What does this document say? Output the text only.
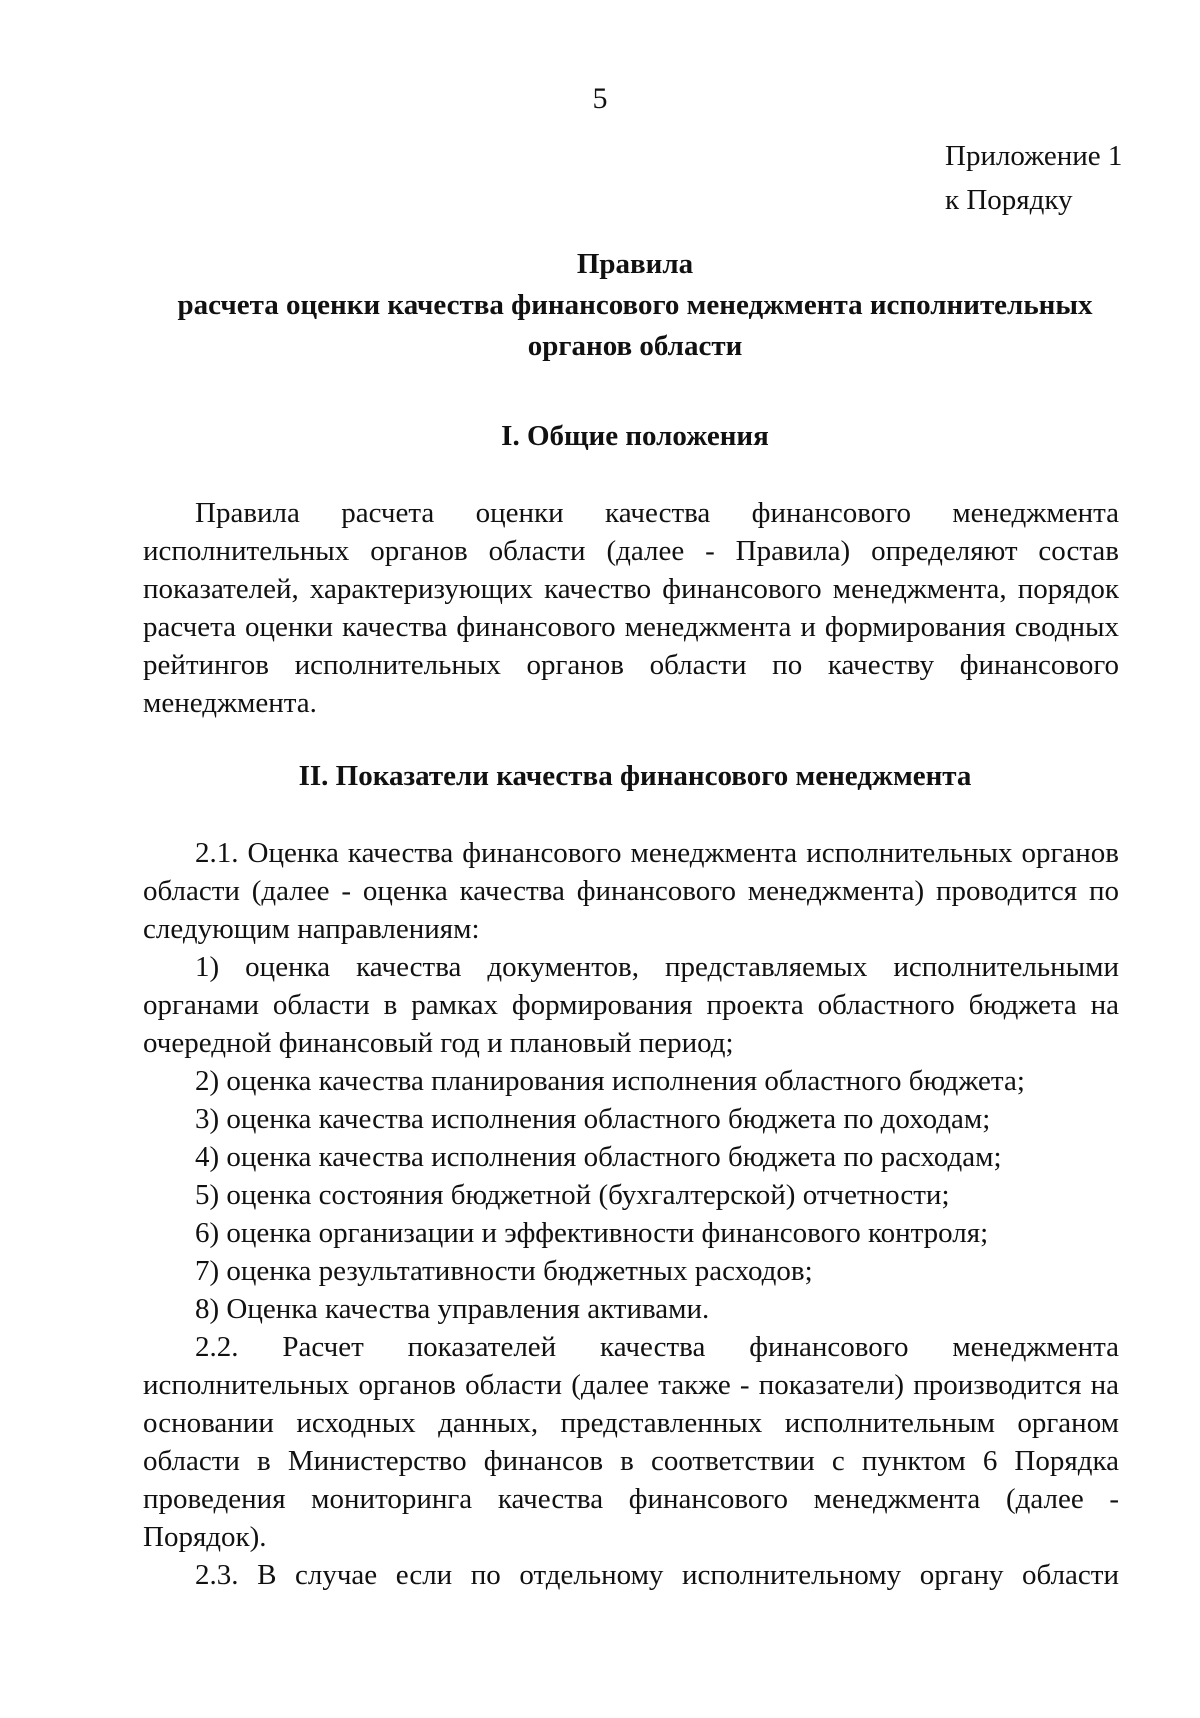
5
Приложение 1
к Порядку
Правила
расчета оценки качества финансового менеджмента исполнительных
органов области
I. Общие положения
Правила расчета оценки качества финансового менеджмента
исполнительных органов области (далее - Правила) определяют состав
показателей, характеризующих качество финансового менеджмента, порядок
расчета оценки качества финансового менеджмента и формирования сводных
рейтингов исполнительных органов области по качеству финансового
менеджмента.
II. Показатели качества финансового менеджмента
2.1. Оценка качества финансового менеджмента исполнительных органов
области (далее - оценка качества финансового менеджмента) проводится по
следующим направлениям:
1) оценка качества документов, представляемых исполнительными
органами области в рамках формирования проекта областного бюджета на
очередной финансовый год и плановый период;
2) оценка качества планирования исполнения областного бюджета;
3) оценка качества исполнения областного бюджета по доходам;
4) оценка качества исполнения областного бюджета по расходам;
5) оценка состояния бюджетной (бухгалтерской) отчетности;
6) оценка организации и эффективности финансового контроля;
7) оценка результативности бюджетных расходов;
8) Оценка качества управления активами.
2.2. Расчет показателей качества финансового менеджмента
исполнительных органов области (далее также - показатели) производится на
основании исходных данных, представленных исполнительным органом
области в Министерство финансов в соответствии с пунктом 6 Порядка
проведения мониторинга качества финансового менеджмента (далее -
Порядок).
2.3. В случае если по отдельному исполнительному органу области
